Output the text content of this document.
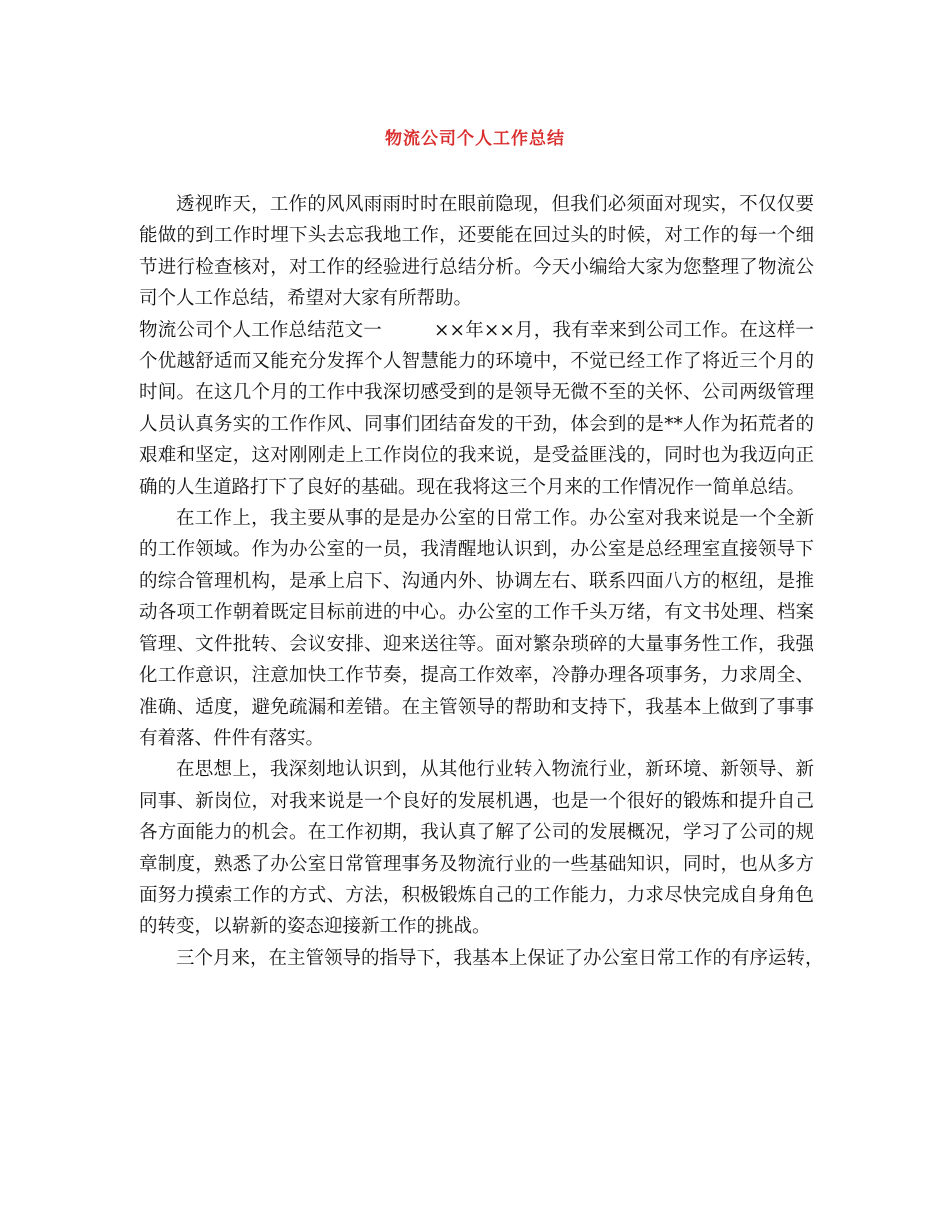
物流公司个人工作总结

透视昨天，工作的风风雨雨时时在眼前隐现，但我们必须面对现实，不仅仅要能做的到工作时埋下头去忘我地工作，还要能在回过头的时候，对工作的每一个细节进行检查核对，对工作的经验进行总结分析。今天小编给大家为您整理了物流公司个人工作总结，希望对大家有所帮助。

物流公司个人工作总结范文一	××年××月，我有幸来到公司工作。在这样一个优越舒适而又能充分发挥个人智慧能力的环境中，不觉已经工作了将近三个月的时间。在这几个月的工作中我深切感受到的是领导无微不至的关怀、公司两级管理人员认真务实的工作作风、同事们团结奋发的干劲，体会到的是**人作为拓荒者的艰难和坚定，这对刚刚走上工作岗位的我来说，是受益匪浅的，同时也为我迈向正确的人生道路打下了良好的基础。现在我将这三个月来的工作情况作一简单总结。

在工作上，我主要从事的是是办公室的日常工作。办公室对我来说是一个全新的工作领域。作为办公室的一员，我清醒地认识到，办公室是总经理室直接领导下的综合管理机构，是承上启下、沟通内外、协调左右、联系四面八方的枢纽，是推动各项工作朝着既定目标前进的中心。办公室的工作千头万绪，有文书处理、档案管理、文件批转、会议安排、迎来送往等。面对繁杂琐碎的大量事务性工作，我强化工作意识，注意加快工作节奏，提高工作效率，冷静办理各项事务，力求周全、准确、适度，避免疏漏和差错。在主管领导的帮助和支持下，我基本上做到了事事有着落、件件有落实。

在思想上，我深刻地认识到，从其他行业转入物流行业，新环境、新领导、新同事、新岗位，对我来说是一个良好的发展机遇，也是一个很好的锻炼和提升自己各方面能力的机会。在工作初期，我认真了解了公司的发展概况，学习了公司的规章制度，熟悉了办公室日常管理事务及物流行业的一些基础知识，同时，也从多方面努力摸索工作的方式、方法，积极锻炼自己的工作能力，力求尽快完成自身角色的转变，以崭新的姿态迎接新工作的挑战。

三个月来，在主管领导的指导下，我基本上保证了办公室日常工作的有序运转，
